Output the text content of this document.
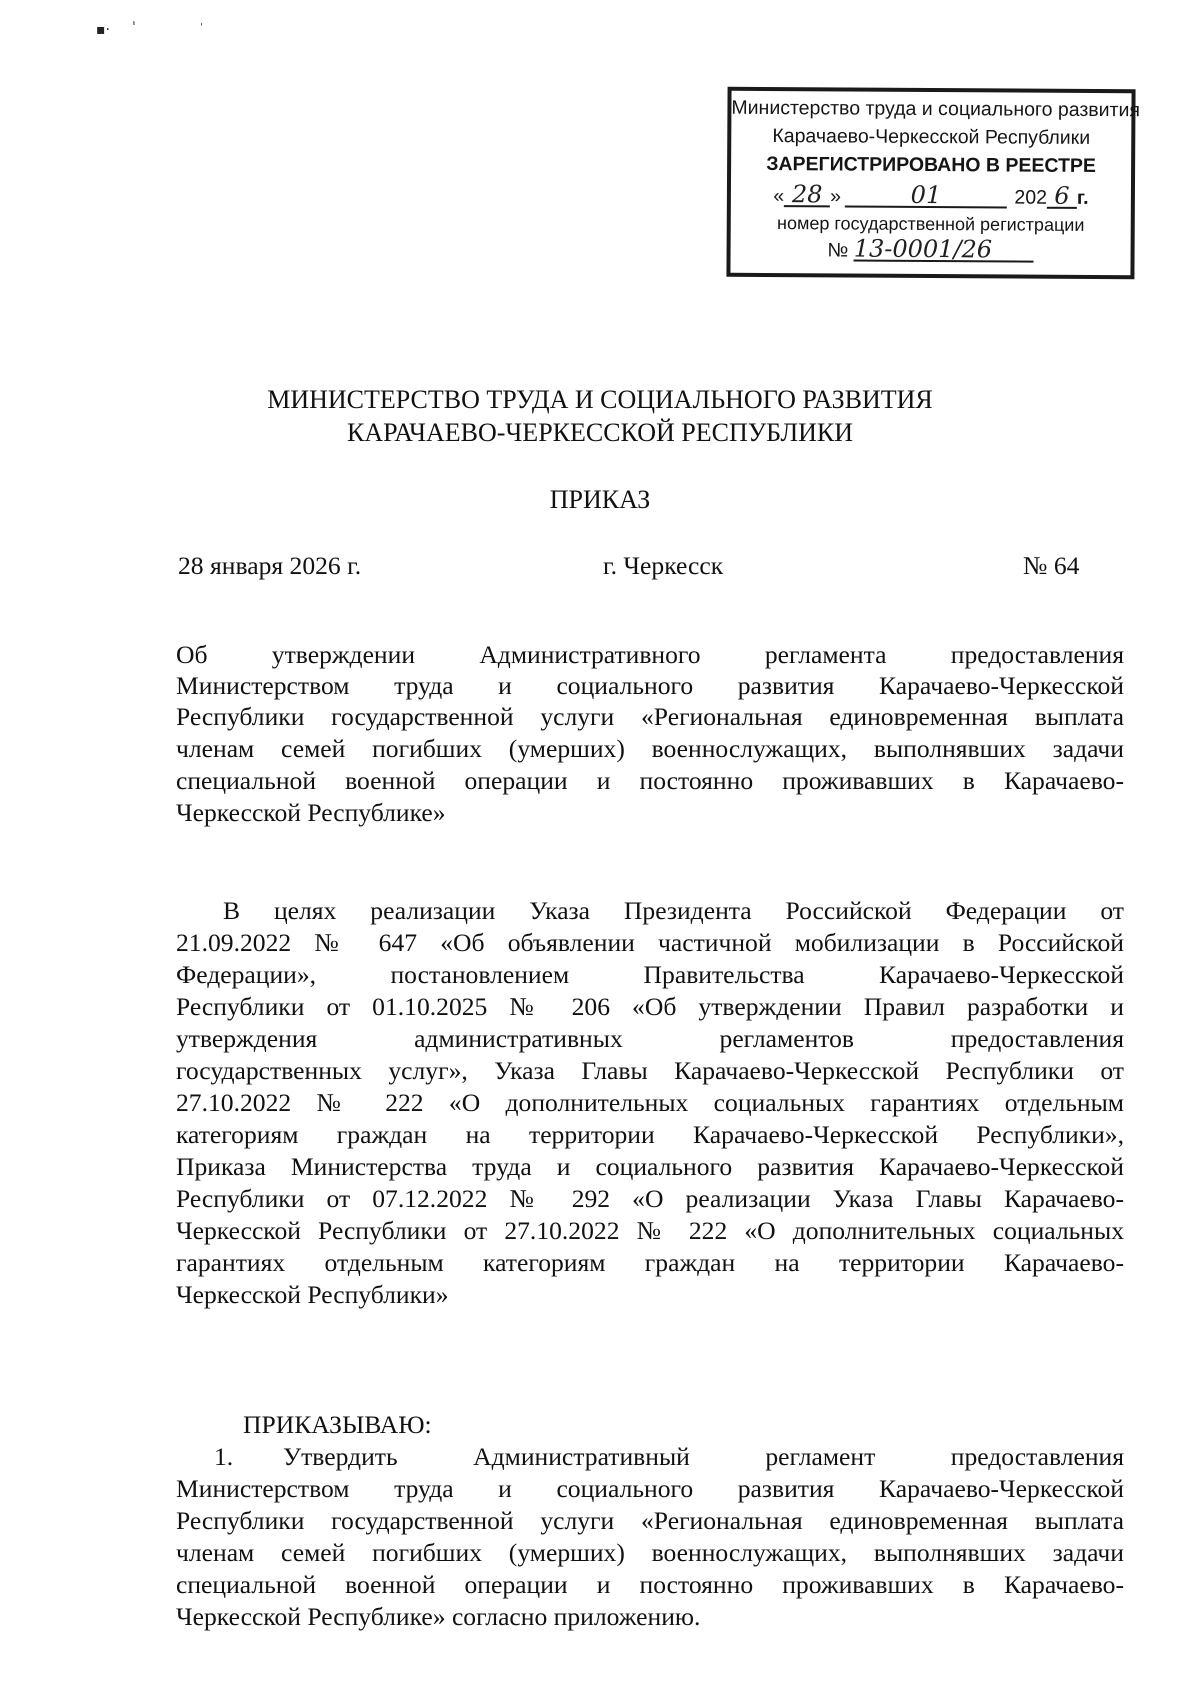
▪· ˈ	ˌ
Министерство труда и социального развития
Карачаево-Черкесской Республики
ЗАРЕГИСТРИРОВАНО В РЕЕСТРЕ
« 28 »	01	202 6 г.
номер государственной регистрации
№ 13-0001/26
МИНИСТЕРСТВО ТРУДА И СОЦИАЛЬНОГО РАЗВИТИЯ
КАРАЧАЕВО-ЧЕРКЕССКОЙ РЕСПУБЛИКИ
ПРИКАЗ
28 января 2026 г.	г. Черкесск	№ 64
Об утверждении Административного регламента предоставления
Министерством труда и социального развития Карачаево-Черкесской
Республики государственной услуги «Региональная единовременная выплата
членам семей погибших (умерших) военнослужащих, выполнявших задачи
специальной военной операции и постоянно проживавших в Карачаево-
Черкесской Республике»
В целях реализации Указа Президента Российской Федерации от
21.09.2022 № 647 «Об объявлении частичной мобилизации в Российской
Федерации», постановлением Правительства Карачаево-Черкесской
Республики от 01.10.2025 № 206 «Об утверждении Правил разработки и
утверждения административных регламентов предоставления
государственных услуг», Указа Главы Карачаево-Черкесской Республики от
27.10.2022 № 222 «О дополнительных социальных гарантиях отдельным
категориям граждан на территории Карачаево-Черкесской Республики»,
Приказа Министерства труда и социального развития Карачаево-Черкесской
Республики от 07.12.2022 № 292 «О реализации Указа Главы Карачаево-
Черкесской Республики от 27.10.2022 № 222 «О дополнительных социальных
гарантиях отдельным категориям граждан на территории Карачаево-
Черкесской Республики»
ПРИКАЗЫВАЮ:
1. Утвердить Административный регламент предоставления
Министерством труда и социального развития Карачаево-Черкесской
Республики государственной услуги «Региональная единовременная выплата
членам семей погибших (умерших) военнослужащих, выполнявших задачи
специальной военной операции и постоянно проживавших в Карачаево-
Черкесской Республике» согласно приложению.
